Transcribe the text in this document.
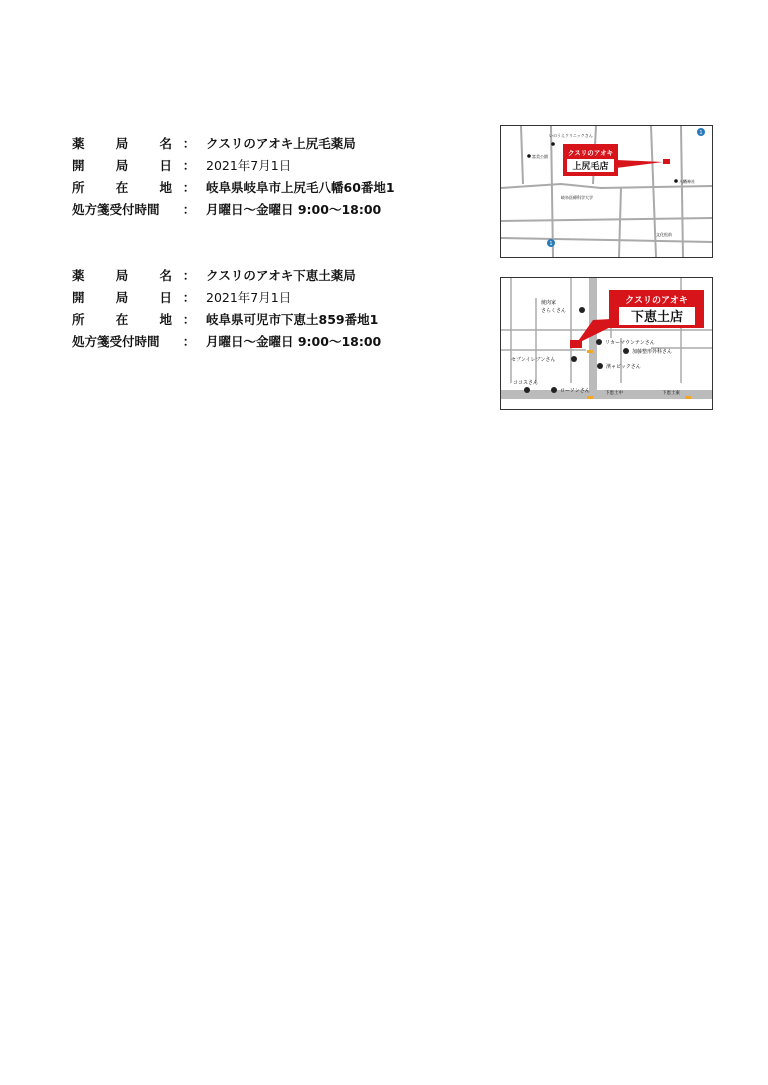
薬 局 名 ： クスリのアオキ上尻毛薬局
開 局 日 ： 2021年7月1日
所 在 地 ： 岐阜県岐阜市上尻毛八幡60番地1
処方箋受付時間	： 月曜日～金曜日 9:00～18:00
1
1
いのうえクリニックさん
富美公園
八幡神社
岐阜医療科学大学
文化松前
クスリのアオキ
上尻毛店
薬 局 名 ： クスリのアオキ下恵土薬局
開 局 日 ： 2021年7月1日
所 在 地 ： 岐阜県可児市下恵土859番地1
処方箋受付時間	： 月曜日～金曜日 9:00～18:00
焼肉家
さらくさん
リカーマウンテンさん
加藤整形外科さん
セブンイレブンさん
濱ャビックさん
ココスさん
ローソンさん	下恵土中	下恵土東
クスリのアオキ
下恵土店
